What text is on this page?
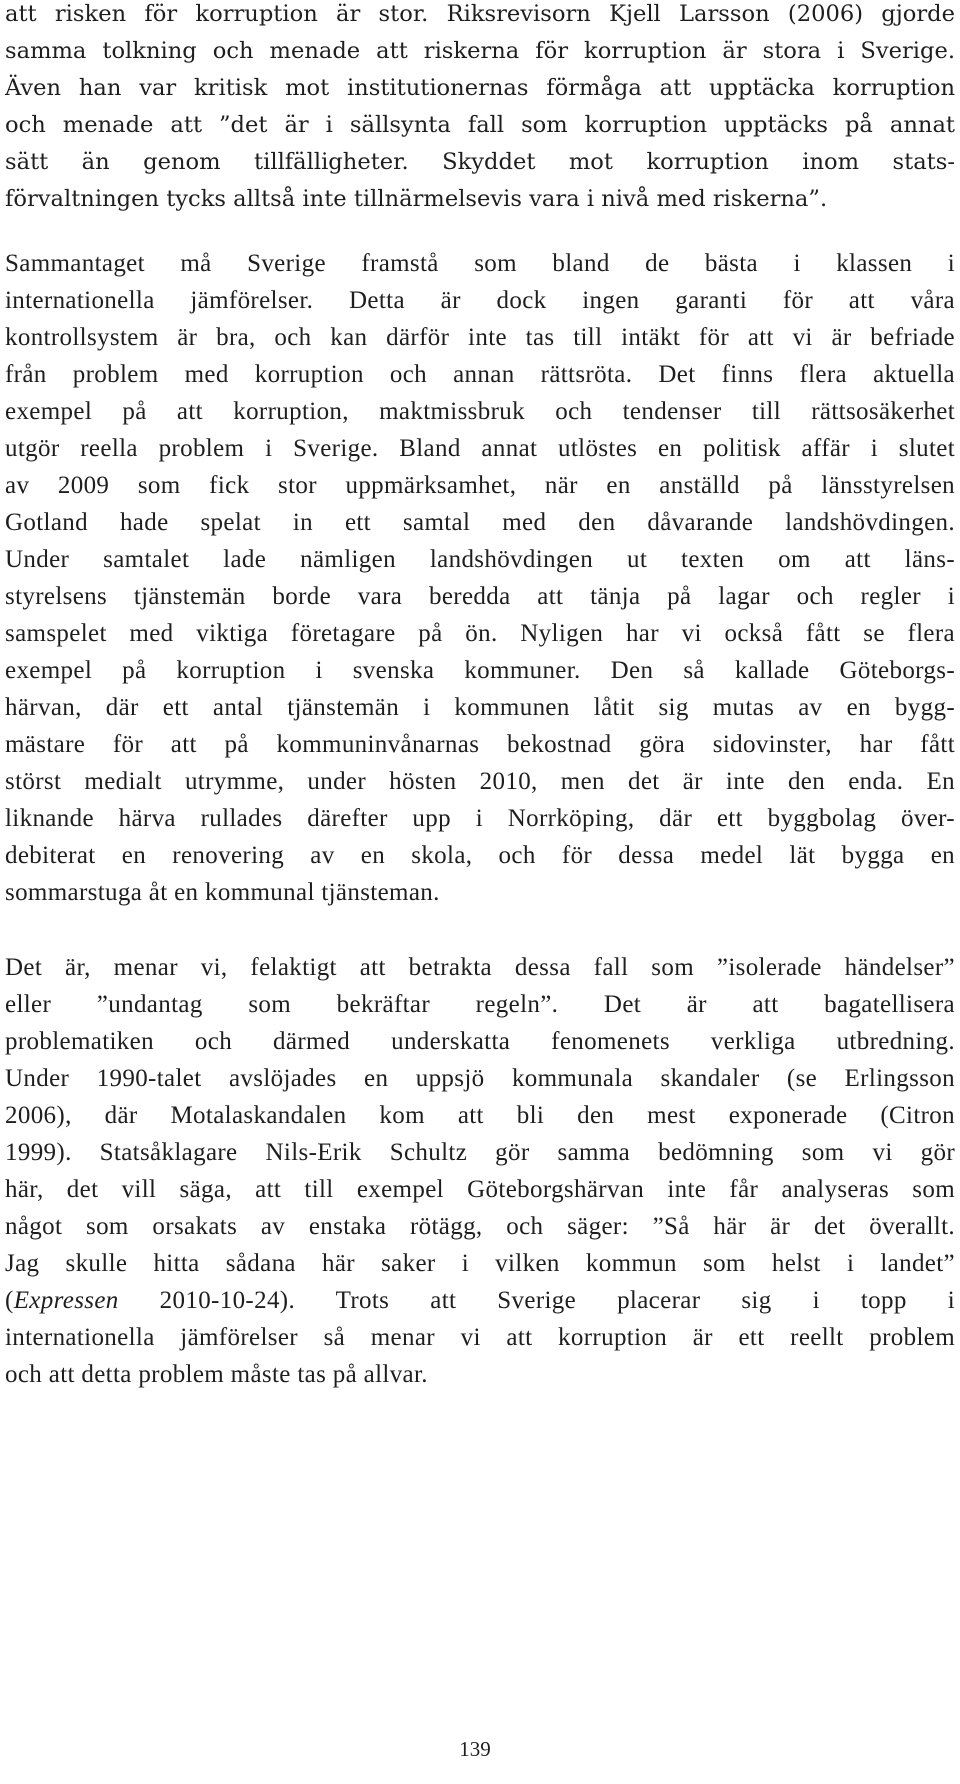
att risken för korruption är stor. Riksrevisorn Kjell Larsson (2006) gjorde
samma tolkning och menade att riskerna för korruption är stora i Sverige.
Även han var kritisk mot institutionernas förmåga att upptäcka korruption
och menade att ”det är i sällsynta fall som korruption upptäcks på annat
sätt än genom tillfälligheter. Skyddet mot korruption inom stats-
förvaltningen tycks alltså inte tillnärmelsevis vara i nivå med riskerna”.
Sammantaget må Sverige framstå som bland de bästa i klassen i
internationella jämförelser. Detta är dock ingen garanti för att våra
kontrollsystem är bra, och kan därför inte tas till intäkt för att vi är befriade
från problem med korruption och annan rättsröta. Det finns flera aktuella
exempel på att korruption, maktmissbruk och tendenser till rättsosäkerhet
utgör reella problem i Sverige. Bland annat utlöstes en politisk affär i slutet
av 2009 som fick stor uppmärksamhet, när en anställd på länsstyrelsen
Gotland hade spelat in ett samtal med den dåvarande landshövdingen.
Under samtalet lade nämligen landshövdingen ut texten om att läns-
styrelsens tjänstemän borde vara beredda att tänja på lagar och regler i
samspelet med viktiga företagare på ön. Nyligen har vi också fått se flera
exempel på korruption i svenska kommuner. Den så kallade Göteborgs-
härvan, där ett antal tjänstemän i kommunen låtit sig mutas av en bygg-
mästare för att på kommuninvånarnas bekostnad göra sidovinster, har fått
störst medialt utrymme, under hösten 2010, men det är inte den enda. En
liknande härva rullades därefter upp i Norrköping, där ett byggbolag över-
debiterat en renovering av en skola, och för dessa medel lät bygga en
sommarstuga åt en kommunal tjänsteman.
Det är, menar vi, felaktigt att betrakta dessa fall som ”isolerade händelser”
eller ”undantag som bekräftar regeln”. Det är att bagatellisera
problematiken och därmed underskatta fenomenets verkliga utbredning.
Under 1990-talet avslöjades en uppsjö kommunala skandaler (se Erlingsson
2006), där Motalaskandalen kom att bli den mest exponerade (Citron
1999). Statsåklagare Nils-Erik Schultz gör samma bedömning som vi gör
här, det vill säga, att till exempel Göteborgshärvan inte får analyseras som
något som orsakats av enstaka rötägg, och säger: ”Så här är det överallt.
Jag skulle hitta sådana här saker i vilken kommun som helst i landet”
(Expressen 2010-10-24). Trots att Sverige placerar sig i topp i
internationella jämförelser så menar vi att korruption är ett reellt problem
och att detta problem måste tas på allvar.
139
